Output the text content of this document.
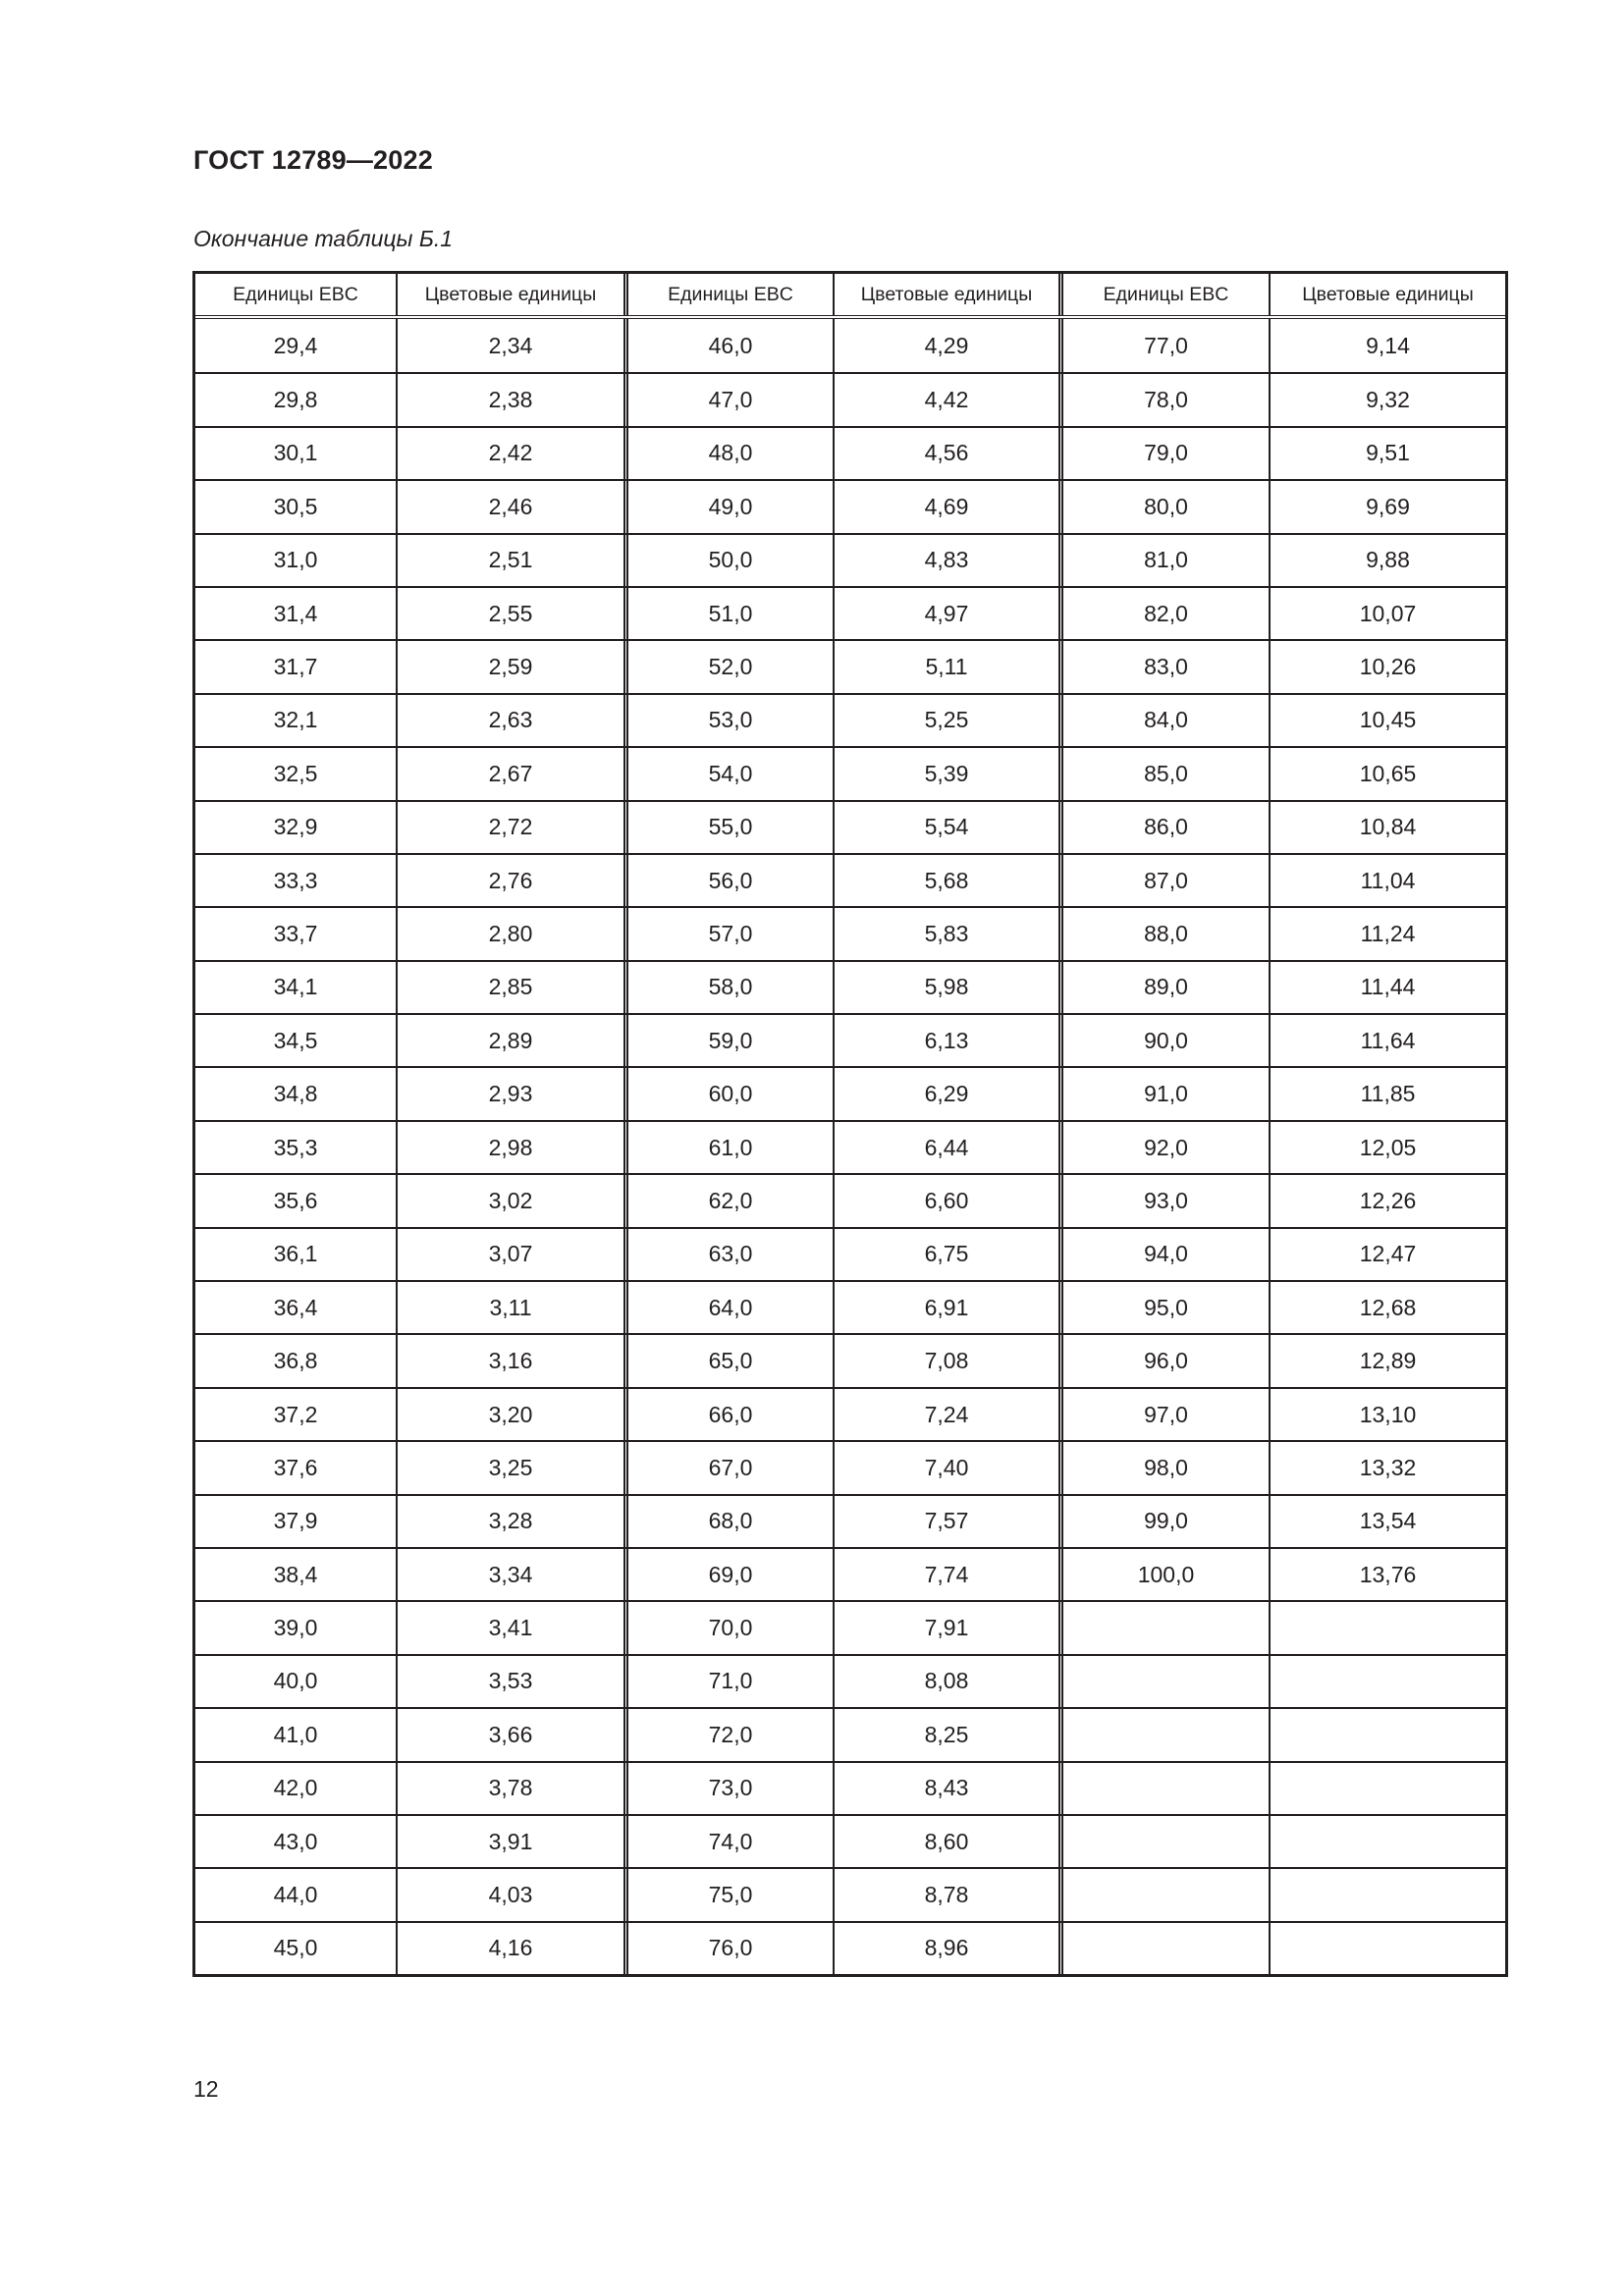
ГОСТ 12789—2022
Окончание таблицы Б.1
Единицы EBC	Цветовые единицы	Единицы EBC	Цветовые единицы	Единицы EBC	Цветовые единицы
29,4	2,34	46,0	4,29	77,0	9,14
29,8	2,38	47,0	4,42	78,0	9,32
30,1	2,42	48,0	4,56	79,0	9,51
30,5	2,46	49,0	4,69	80,0	9,69
31,0	2,51	50,0	4,83	81,0	9,88
31,4	2,55	51,0	4,97	82,0	10,07
31,7	2,59	52,0	5,11	83,0	10,26
32,1	2,63	53,0	5,25	84,0	10,45
32,5	2,67	54,0	5,39	85,0	10,65
32,9	2,72	55,0	5,54	86,0	10,84
33,3	2,76	56,0	5,68	87,0	11,04
33,7	2,80	57,0	5,83	88,0	11,24
34,1	2,85	58,0	5,98	89,0	11,44
34,5	2,89	59,0	6,13	90,0	11,64
34,8	2,93	60,0	6,29	91,0	11,85
35,3	2,98	61,0	6,44	92,0	12,05
35,6	3,02	62,0	6,60	93,0	12,26
36,1	3,07	63,0	6,75	94,0	12,47
36,4	3,11	64,0	6,91	95,0	12,68
36,8	3,16	65,0	7,08	96,0	12,89
37,2	3,20	66,0	7,24	97,0	13,10
37,6	3,25	67,0	7,40	98,0	13,32
37,9	3,28	68,0	7,57	99,0	13,54
38,4	3,34	69,0	7,74	100,0	13,76
39,0	3,41	70,0	7,91
40,0	3,53	71,0	8,08
41,0	3,66	72,0	8,25
42,0	3,78	73,0	8,43
43,0	3,91	74,0	8,60
44,0	4,03	75,0	8,78
45,0	4,16	76,0	8,96
12
